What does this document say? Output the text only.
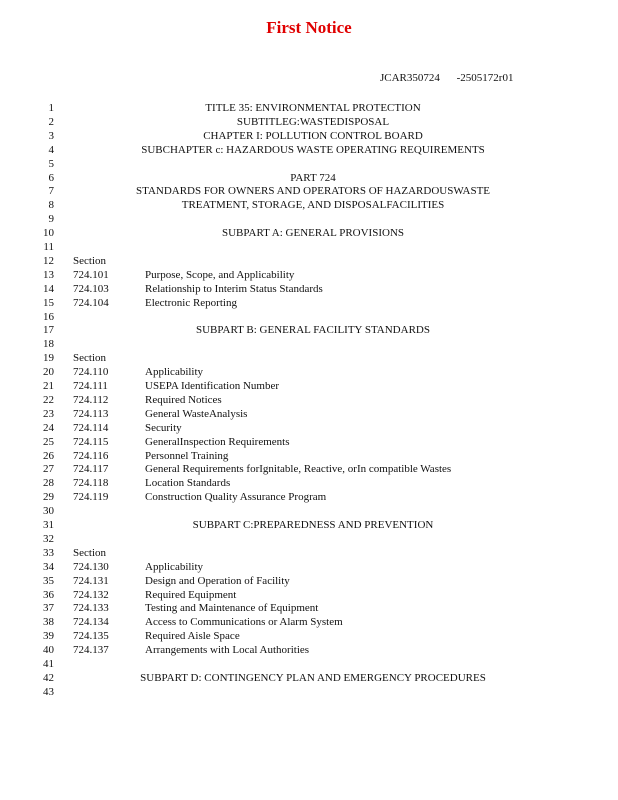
First Notice
JCAR350724 -2505172r01
1	TITLE 35: ENVIRONMENTAL PROTECTION
2	SUBTITLEG:WASTEDISPOSAL
3	CHAPTER I: POLLUTION CONTROL BOARD
4	SUBCHAPTER c: HAZARDOUS WASTE OPERATING REQUIREMENTS
5
6	PART 724
7	STANDARDS FOR OWNERS AND OPERATORS OF HAZARDOUSWASTE
8	TREATMENT, STORAGE, AND DISPOSALFACILITIES
9
10	SUBPART A: GENERAL PROVISIONS
11
12 Section
13 724.101	Purpose, Scope, and Applicability
14 724.103	Relationship to Interim Status Standards
15 724.104	Electronic Reporting
16
17	SUBPART B: GENERAL FACILITY STANDARDS
18
19 Section
20 724.110	Applicability
21 724.111	USEPA Identification Number
22 724.112	Required Notices
23 724.113	General WasteAnalysis
24 724.114	Security
25 724.115	GeneralInspection Requirements
26 724.116	Personnel Training
27 724.117	General Requirements forIgnitable, Reactive, orIn compatible Wastes
28 724.118	Location Standards
29 724.119	Construction Quality Assurance Program
30
31	SUBPART C:PREPAREDNESS AND PREVENTION
32
33 Section
34 724.130	Applicability
35 724.131	Design and Operation of Facility
36 724.132	Required Equipment
37 724.133	Testing and Maintenance of Equipment
38 724.134	Access to Communications or Alarm System
39 724.135	Required Aisle Space
40 724.137	Arrangements with Local Authorities
41
42	SUBPART D: CONTINGENCY PLAN AND EMERGENCY PROCEDURES
43
